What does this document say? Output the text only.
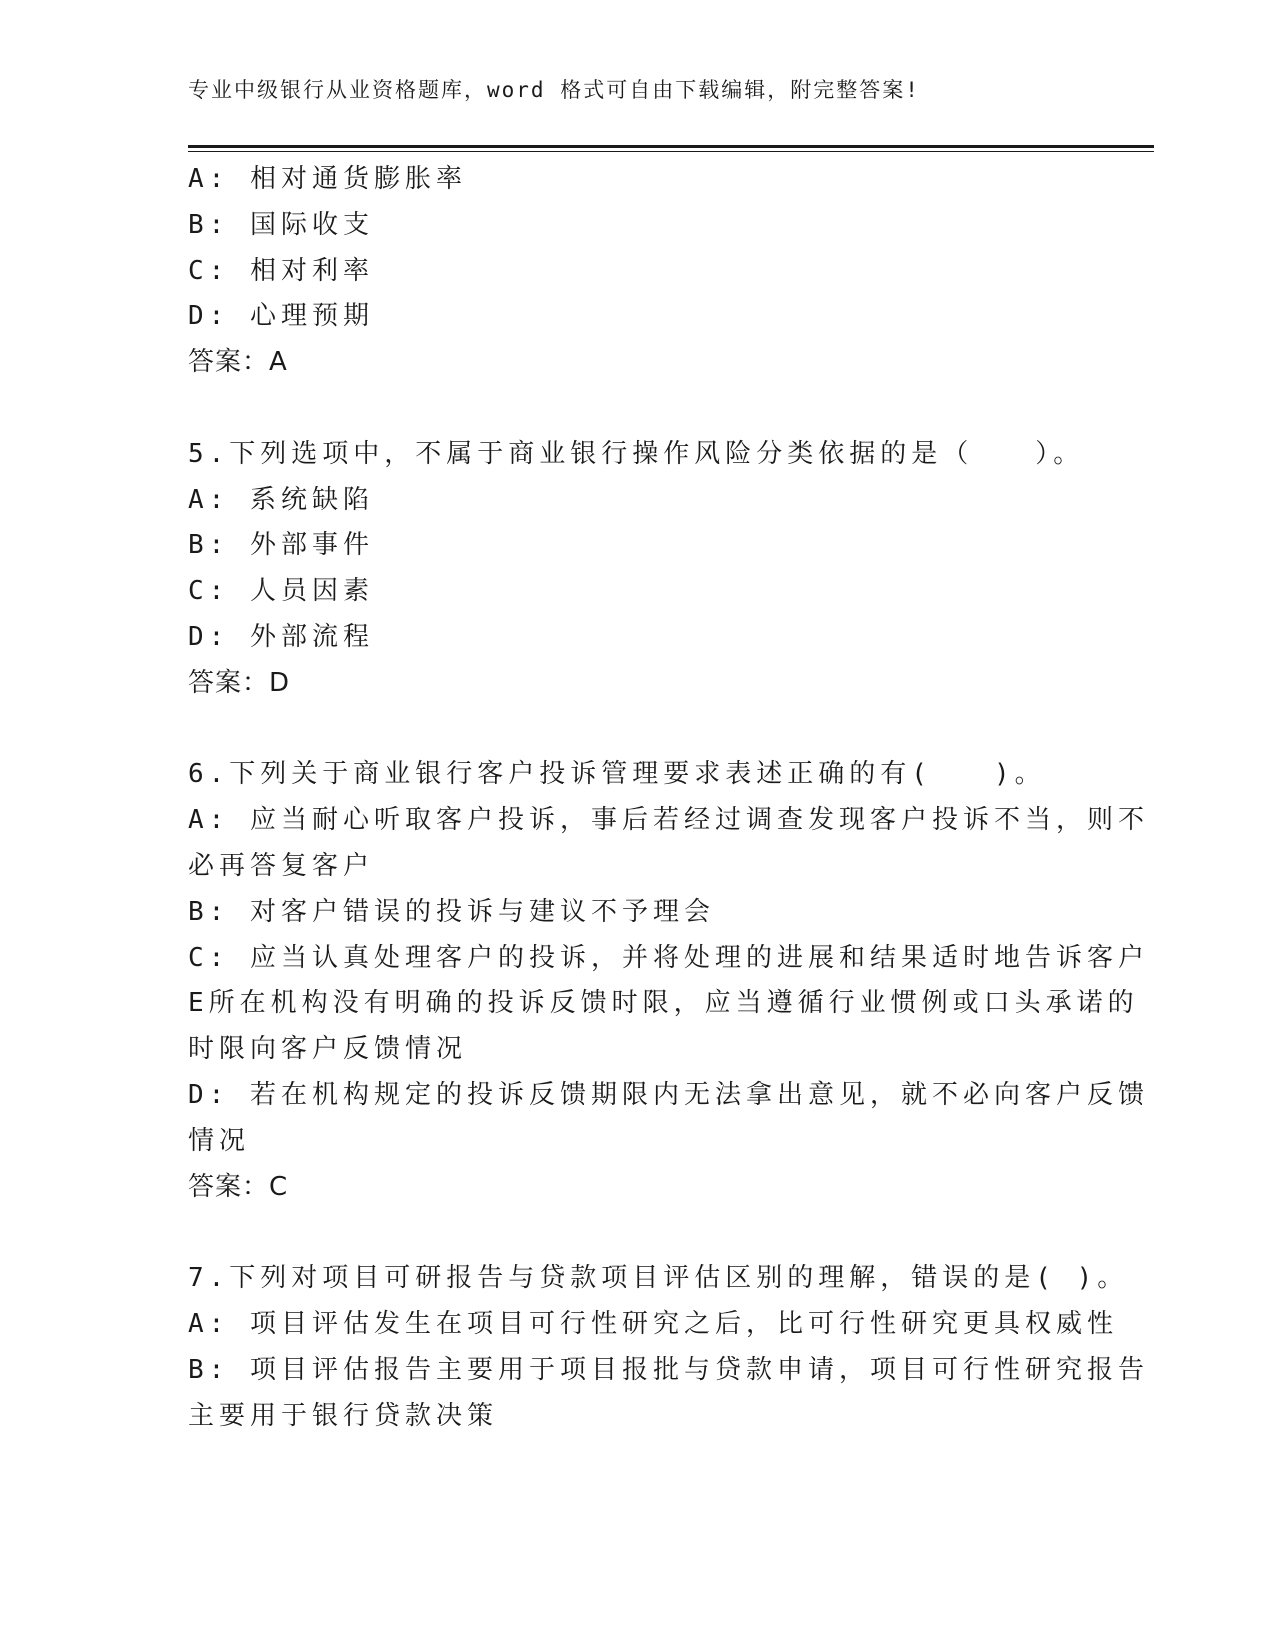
专业中级银行从业资格题库，word 格式可自由下载编辑，附完整答案!
A: 相对通货膨胀率
B: 国际收支
C: 相对利率
D: 心理预期
答案：A
5.下列选项中，不属于商业银行操作风险分类依据的是（　　）。
A: 系统缺陷
B: 外部事件
C: 人员因素
D: 外部流程
答案：D
6.下列关于商业银行客户投诉管理要求表述正确的有(　　)。
A: 应当耐心听取客户投诉，事后若经过调查发现客户投诉不当，则不
必再答复客户
B: 对客户错误的投诉与建议不予理会
C: 应当认真处理客户的投诉，并将处理的进展和结果适时地告诉客户
E所在机构没有明确的投诉反馈时限，应当遵循行业惯例或口头承诺的
时限向客户反馈情况
D: 若在机构规定的投诉反馈期限内无法拿出意见，就不必向客户反馈
情况
答案：C
7.下列对项目可研报告与贷款项目评估区别的理解，错误的是( )。
A: 项目评估发生在项目可行性研究之后，比可行性研究更具权威性
B: 项目评估报告主要用于项目报批与贷款申请，项目可行性研究报告
主要用于银行贷款决策
